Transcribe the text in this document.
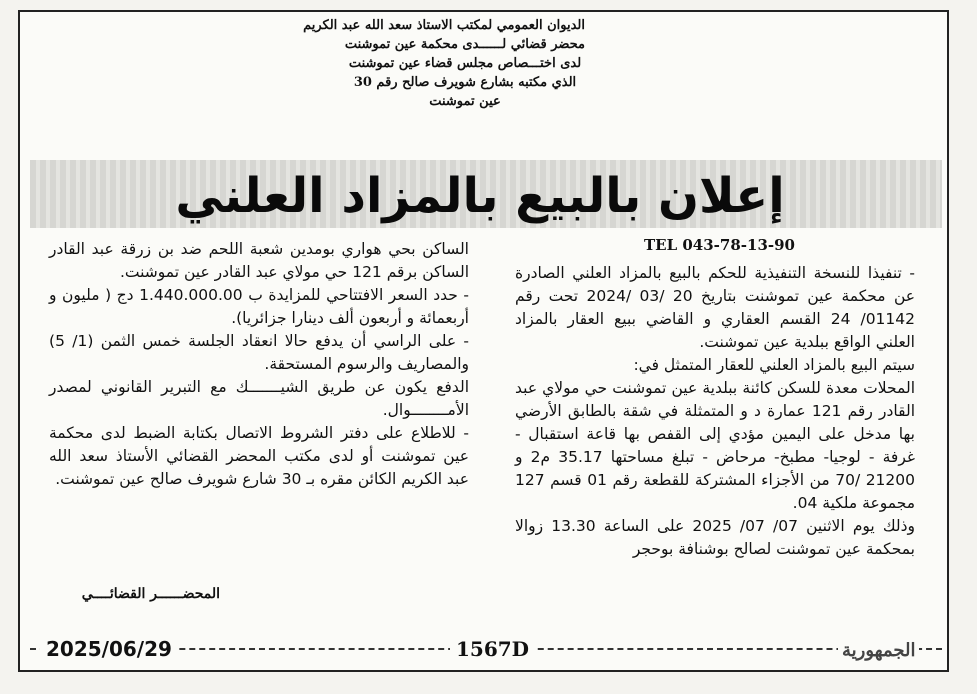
الديوان العمومي لمكتب الاستاذ سعد الله عبد الكريم
محضر قضائي لــــــدى محكمة عين تموشنت
لدى اختـــصاص مجلس قضاء عين تموشنت
الذي مكتبه بشارع شويرف صالح رقم 30
عين تموشنت
إعلان بالبيع بالمزاد العلني
TEL 043-78-13-90

- تنفيذا للنسخة التنفيذية للحكم بالبيع بالمزاد العلني الصادرة عن محكمة عين تموشنت بتاريخ 20 /03 /2024 تحت رقم 01142/ 24 القسم العقاري و القاضي ببيع العقار بالمزاد العلني الواقع ببلدية عين تموشنت.

سيتم البيع بالمزاد العلني للعقار المتمثل في:

المحلات معدة للسكن كائنة ببلدية عين تموشنت حي مولاي عبد القادر رقم 121 عمارة د و المتمثلة في شقة بالطابق الأرضي بها مدخل على اليمين مؤدي إلى القفص بها قاعة استقبال - غرفة - لوجيا- مطبخ- مرحاض - تبلغ مساحتها 35.17 م2 و 21200 /70 من الأجزاء المشتركة للقطعة رقم 01 قسم 127 مجموعة ملكية 04.

وذلك يوم الاثنين 07/ 07/ 2025 على الساعة 13.30 زوالا بمحكمة عين تموشنت لصالح بوشنافة بوحجر

الساكن بحي هواري بومدين شعبة اللحم ضد بن زرقة عبد القادر الساكن برقم 121 حي مولاي عبد القادر عين تموشنت.

- حدد السعر الافتتاحي للمزايدة ب 1.440.000.00 دج ( مليون و أربعمائة و أربعون ألف دينارا جزائريا).

- على الراسي أن يدفع حالا انعقاد الجلسة خمس الثمن (1/ 5) والمصاريف والرسوم المستحقة.

الدفع يكون عن طريق الشيـــــــك مع التبرير القانوني لمصدر الأمــــــــوال.

- للاطلاع على دفتر الشروط الاتصال بكتابة الضبط لدى محكمة عين تموشنت أو لدى مكتب المحضر القضائي الأستاذ سعد الله عبد الكريم الكائن مقره بـ 30 شارع شويرف صالح عين تموشنت.

المحضــــــر القضائــــي
2025/06/29	1567D	الجمهورية
